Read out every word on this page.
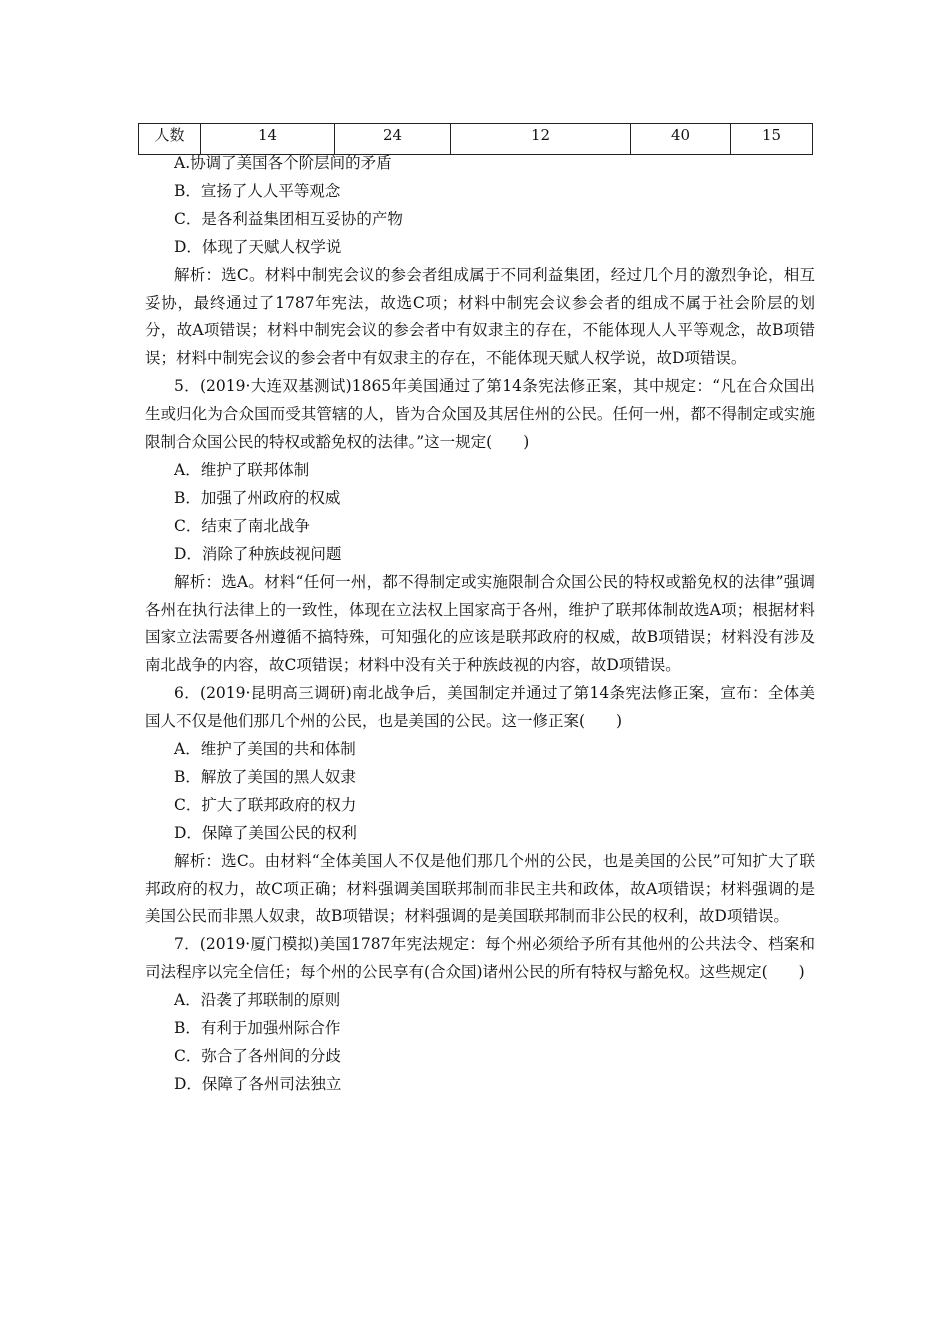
人数	14	24	12	40	15

A.协调了美国各个阶层间的矛盾

B．宣扬了人人平等观念

C．是各利益集团相互妥协的产物

D．体现了天赋人权学说

解析：选C。材料中制宪会议的参会者组成属于不同利益集团，经过几个月的激烈争论，相互妥协，最终通过了1787年宪法，故选C项；材料中制宪会议参会者的组成不属于社会阶层的划分，故A项错误；材料中制宪会议的参会者中有奴隶主的存在，不能体现人人平等观念，故B项错误；材料中制宪会议的参会者中有奴隶主的存在，不能体现天赋人权学说，故D项错误。

5．(2019·大连双基测试)1865年美国通过了第14条宪法修正案，其中规定：“凡在合众国出生或归化为合众国而受其管辖的人，皆为合众国及其居住州的公民。任何一州，都不得制定或实施限制合众国公民的特权或豁免权的法律。”这一规定(　　)

A．维护了联邦体制

B．加强了州政府的权威

C．结束了南北战争

D．消除了种族歧视问题

解析：选A。材料“任何一州，都不得制定或实施限制合众国公民的特权或豁免权的法律”强调各州在执行法律上的一致性，体现在立法权上国家高于各州，维护了联邦体制故选A项；根据材料国家立法需要各州遵循不搞特殊，可知强化的应该是联邦政府的权威，故B项错误；材料没有涉及南北战争的内容，故C项错误；材料中没有关于种族歧视的内容，故D项错误。

6．(2019·昆明高三调研)南北战争后，美国制定并通过了第14条宪法修正案，宣布：全体美国人不仅是他们那几个州的公民，也是美国的公民。这一修正案(　　)

A．维护了美国的共和体制

B．解放了美国的黑人奴隶

C．扩大了联邦政府的权力

D．保障了美国公民的权利

解析：选C。由材料“全体美国人不仅是他们那几个州的公民，也是美国的公民”可知扩大了联邦政府的权力，故C项正确；材料强调美国联邦制而非民主共和政体，故A项错误；材料强调的是美国公民而非黑人奴隶，故B项错误；材料强调的是美国联邦制而非公民的权利，故D项错误。

7．(2019·厦门模拟)美国1787年宪法规定：每个州必须给予所有其他州的公共法令、档案和司法程序以完全信任；每个州的公民享有(合众国)诸州公民的所有特权与豁免权。这些规定(　　)

A．沿袭了邦联制的原则

B．有利于加强州际合作

C．弥合了各州间的分歧

D．保障了各州司法独立
